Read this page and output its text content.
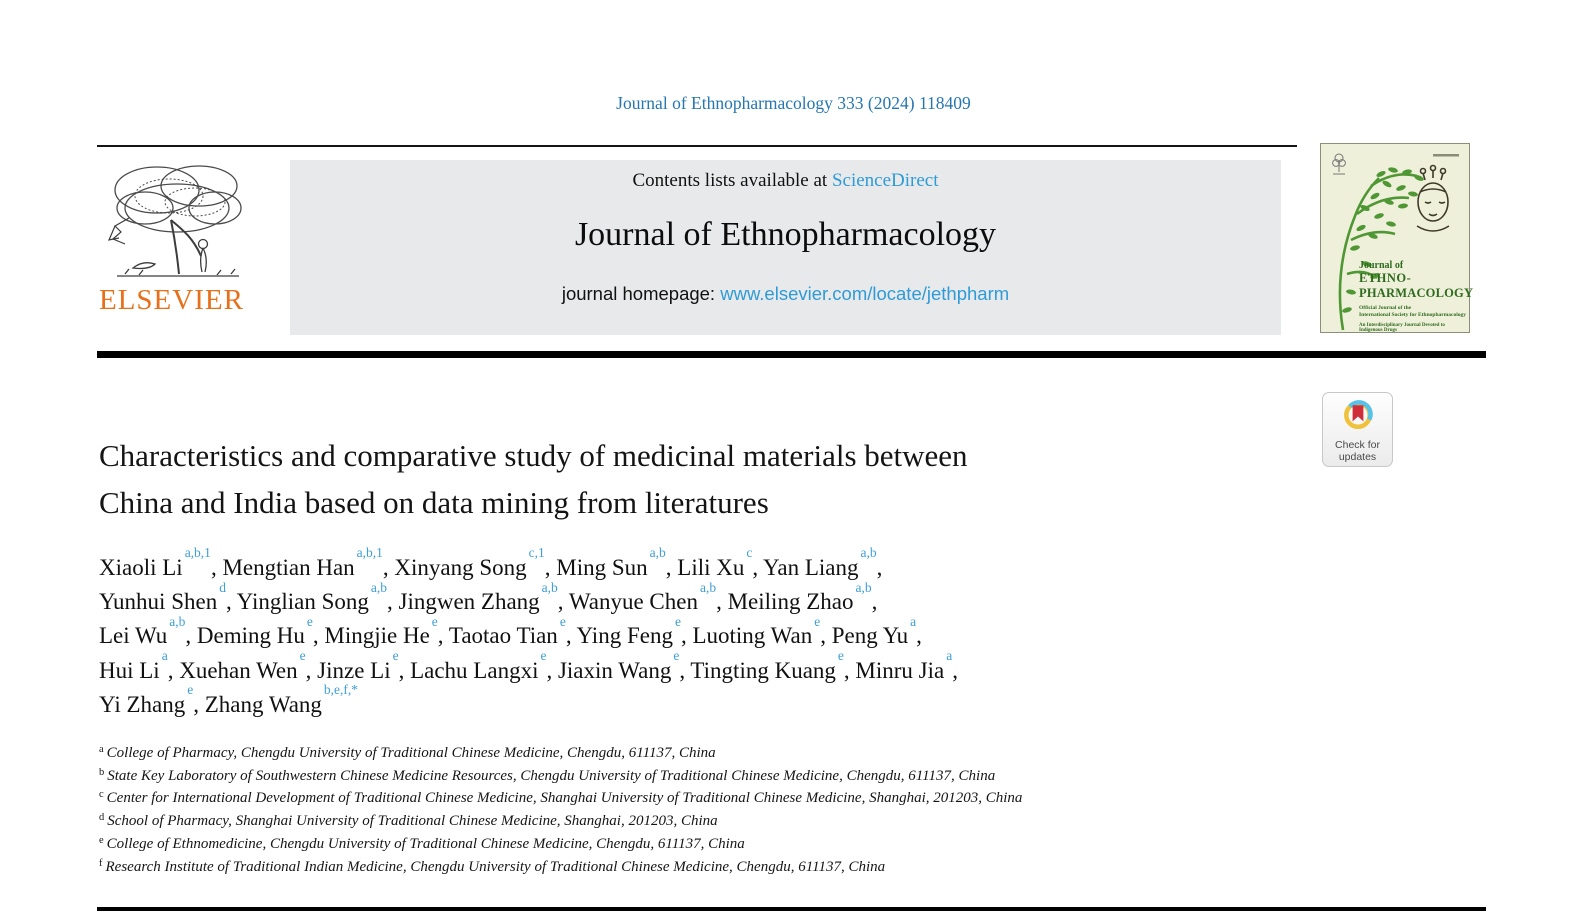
Journal of Ethnopharmacology 333 (2024) 118409
ELSEVIER
Contents lists available at ScienceDirect
Journal of Ethnopharmacology
journal homepage: www.elsevier.com/locate/jethpharm
Journal of
ETHNO-
PHARMACOLOGY
Official Journal of the
International Society for Ethnopharmacology
An Interdisciplinary Journal Devoted to Indigenous Drugs
Check for
updates
Characteristics and comparative study of medicinal materials between
China and India based on data mining from literatures
Xiaoli Li$^{a,b,1}$, Mengtian Han$^{a,b,1}$, Xinyang Song$^{c,1}$, Ming Sun$^{a,b}$, Lili Xu$^c$, Yan Liang$^{a,b}$,
Yunhui Shen$^d$, Yinglian Song$^{a,b}$, Jingwen Zhang$^{a,b}$, Wanyue Chen$^{a,b}$, Meiling Zhao$^{a,b}$,
Lei Wu$^{a,b}$, Deming Hu$^e$, Mingjie He$^e$, Taotao Tian$^e$, Ying Feng$^e$, Luoting Wan$^e$, Peng Yu$^a$,
Hui Li$^a$, Xuehan Wen$^e$, Jinze Li$^e$, Lachu Langxi$^e$, Jiaxin Wang$^e$, Tingting Kuang$^e$, Minru Jia$^a$,
Yi Zhang$^e$, Zhang Wang$^{b,e,f,*}$
$^a$ College of Pharmacy, Chengdu University of Traditional Chinese Medicine, Chengdu, 611137, China
$^b$ State Key Laboratory of Southwestern Chinese Medicine Resources, Chengdu University of Traditional Chinese Medicine, Chengdu, 611137, China
$^c$ Center for International Development of Traditional Chinese Medicine, Shanghai University of Traditional Chinese Medicine, Shanghai, 201203, China
$^d$ School of Pharmacy, Shanghai University of Traditional Chinese Medicine, Shanghai, 201203, China
$^e$ College of Ethnomedicine, Chengdu University of Traditional Chinese Medicine, Chengdu, 611137, China
$^f$ Research Institute of Traditional Indian Medicine, Chengdu University of Traditional Chinese Medicine, Chengdu, 611137, China
